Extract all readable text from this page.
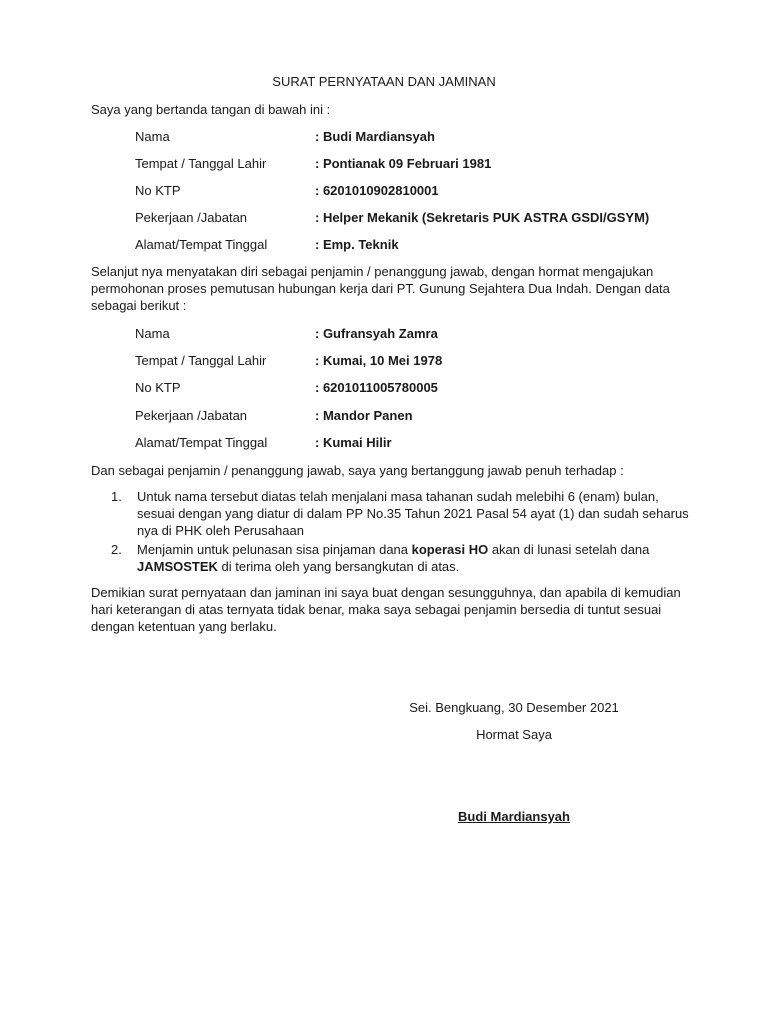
SURAT PERNYATAAN DAN JAMINAN
Saya yang bertanda tangan di bawah ini :
Nama	: Budi Mardiansyah
Tempat / Tanggal Lahir	: Pontianak 09 Februari 1981
No KTP	: 6201010902810001
Pekerjaan /Jabatan	: Helper Mekanik (Sekretaris PUK ASTRA GSDI/GSYM)
Alamat/Tempat Tinggal	: Emp. Teknik
Selanjut nya menyatakan diri sebagai penjamin / penanggung jawab, dengan hormat mengajukan permohonan proses pemutusan hubungan kerja dari PT. Gunung Sejahtera Dua Indah. Dengan data sebagai berikut :
Nama	: Gufransyah Zamra
Tempat / Tanggal Lahir	: Kumai, 10 Mei 1978
No KTP	: 6201011005780005
Pekerjaan /Jabatan	: Mandor Panen
Alamat/Tempat Tinggal	: Kumai Hilir
Dan sebagai penjamin / penanggung jawab, saya yang bertanggung jawab penuh terhadap :
1. Untuk nama tersebut diatas telah menjalani masa tahanan sudah melebihi 6 (enam) bulan, sesuai dengan yang diatur di dalam PP No.35 Tahun 2021 Pasal 54 ayat (1) dan sudah seharus nya di PHK oleh Perusahaan
2. Menjamin untuk pelunasan sisa pinjaman dana koperasi HO akan di lunasi setelah dana JAMSOSTEK di terima oleh yang bersangkutan di atas.
Demikian surat pernyataan dan jaminan ini saya buat dengan sesungguhnya, dan apabila di kemudian hari keterangan di atas ternyata tidak benar, maka saya sebagai penjamin bersedia di tuntut sesuai dengan ketentuan yang berlaku.
Sei. Bengkuang, 30 Desember 2021
Hormat Saya
Budi Mardiansyah
